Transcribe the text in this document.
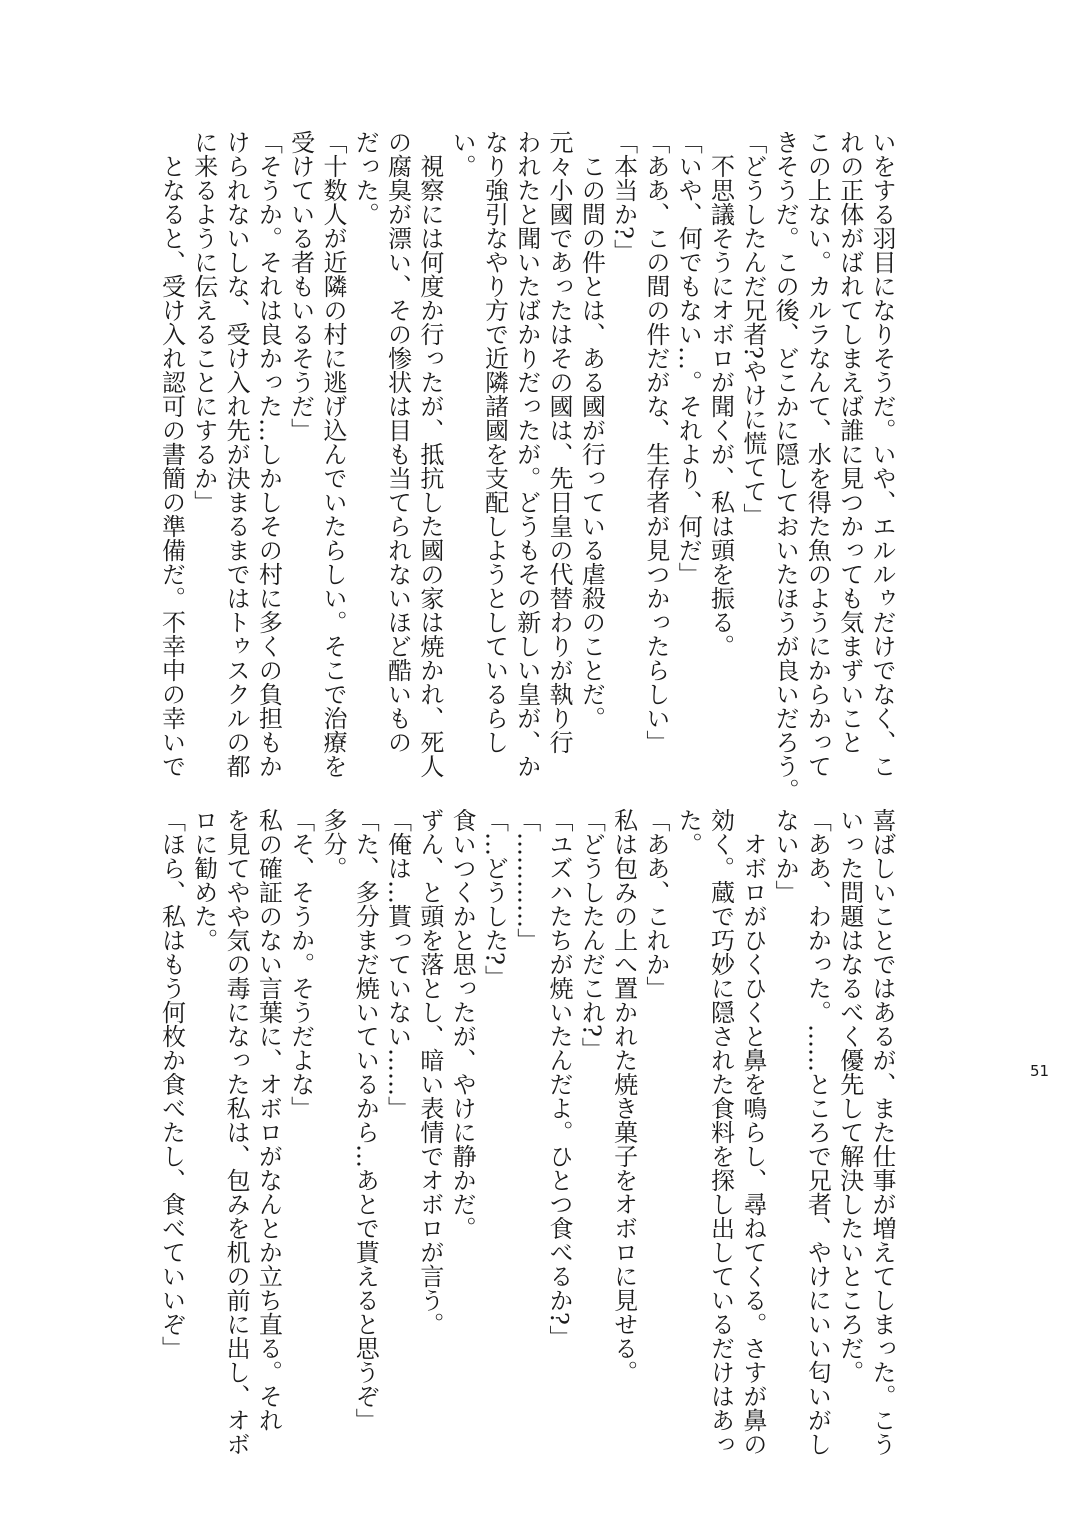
いをする羽目になりそうだ。いや、エルルゥだけでなく、こ

れの正体がばれてしまえば誰に見つかっても気まずいこと

この上ない。カルラなんて、水を得た魚のようにからかって

きそうだ。この後、どこかに隠しておいたほうが良いだろう。

「どうしたんだ兄者?やけに慌てて」

　不思議そうにオボロが聞くが、私は頭を振る。

「いや、何でもない…。それより、何だ」

「ああ、この間の件だがな、生存者が見つかったらしい」

「本当か?」

　この間の件とは、ある國が行っている虐殺のことだ。

元々小國であったはその國は、先日皇の代替わりが執り行

われたと聞いたばかりだったが。どうもその新しい皇が、か

なり強引なやり方で近隣諸國を支配しようとしているらし

い。

　視察には何度か行ったが、抵抗した國の家は焼かれ、死人

の腐臭が漂い、その惨状は目も当てられないほど酷いもの

だった。

「十数人が近隣の村に逃げ込んでいたらしい。そこで治療を

受けている者もいるそうだ」

「そうか。それは良かった…しかしその村に多くの負担もか

けられないしな、受け入れ先が決まるまではトゥスクルの都

に来るように伝えることにするか」

　となると、受け入れ認可の書簡の準備だ。不幸中の幸いで

喜ばしいことではあるが、また仕事が増えてしまった。こう

いった問題はなるべく優先して解決したいところだ。

「ああ、わかった。……ところで兄者、やけにいい匂いがし

ないか」

　オボロがひくひくと鼻を鳴らし、尋ねてくる。さすが鼻の

効く。蔵で巧妙に隠された食料を探し出しているだけはあっ

た。

「ああ、これか」

私は包みの上へ置かれた焼き菓子をオボロに見せる。

「どうしたんだこれ?」

「ユズハたちが焼いたんだよ。ひとつ食べるか?」

「…………」

「…どうした?」

食いつくかと思ったが、やけに静かだ。

ずん、と頭を落とし、暗い表情でオボロが言う。

「俺は…貰っていない……」

「た、多分まだ焼いているから…あとで貰えると思うぞ」

多分。

「そ、そうか。そうだよな」

私の確証のない言葉に、オボロがなんとか立ち直る。それ

を見てやや気の毒になった私は、包みを机の前に出し、オボ

ロに勧めた。

「ほら、私はもう何枚か食べたし、食べていいぞ」	51
